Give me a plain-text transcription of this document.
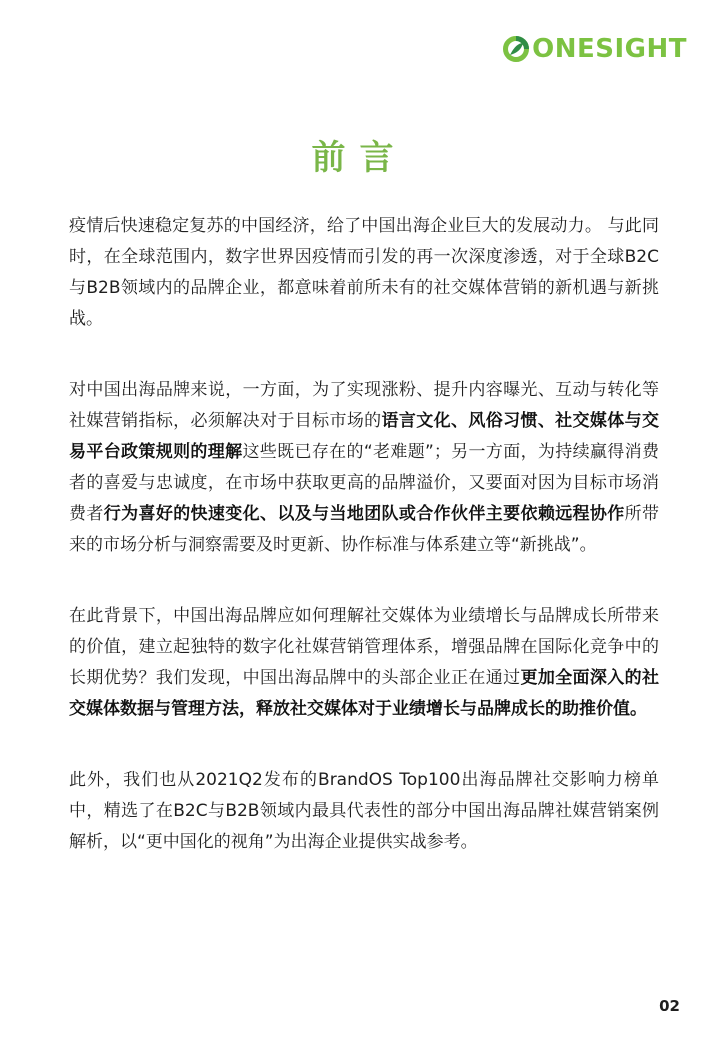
ONESIGHT
前言

疫情后快速稳定复苏的中国经济，给了中国出海企业巨大的发展动力。 与此同时，在全球范围内，数字世界因疫情而引发的再一次深度渗透，对于全球B2C与B2B领域内的品牌企业，都意味着前所未有的社交媒体营销的新机遇与新挑战。

对中国出海品牌来说，一方面，为了实现涨粉、提升内容曝光、互动与转化等社媒营销指标，必须解决对于目标市场的语言文化、风俗习惯、社交媒体与交易平台政策规则的理解这些既已存在的“老难题”；另一方面，为持续赢得消费者的喜爱与忠诚度，在市场中获取更高的品牌溢价，又要面对因为目标市场消费者行为喜好的快速变化、以及与当地团队或合作伙伴主要依赖远程协作所带来的市场分析与洞察需要及时更新、协作标准与体系建立等“新挑战”。

在此背景下，中国出海品牌应如何理解社交媒体为业绩增长与品牌成长所带来的价值，建立起独特的数字化社媒营销管理体系，增强品牌在国际化竞争中的长期优势？我们发现，中国出海品牌中的头部企业正在通过更加全面深入的社交媒体数据与管理方法，释放社交媒体对于业绩增长与品牌成长的助推价值。

此外，我们也从2021Q2发布的BrandOS Top100出海品牌社交影响力榜单中，精选了在B2C与B2B领域内最具代表性的部分中国出海品牌社媒营销案例解析，以“更中国化的视角”为出海企业提供实战参考。

02
